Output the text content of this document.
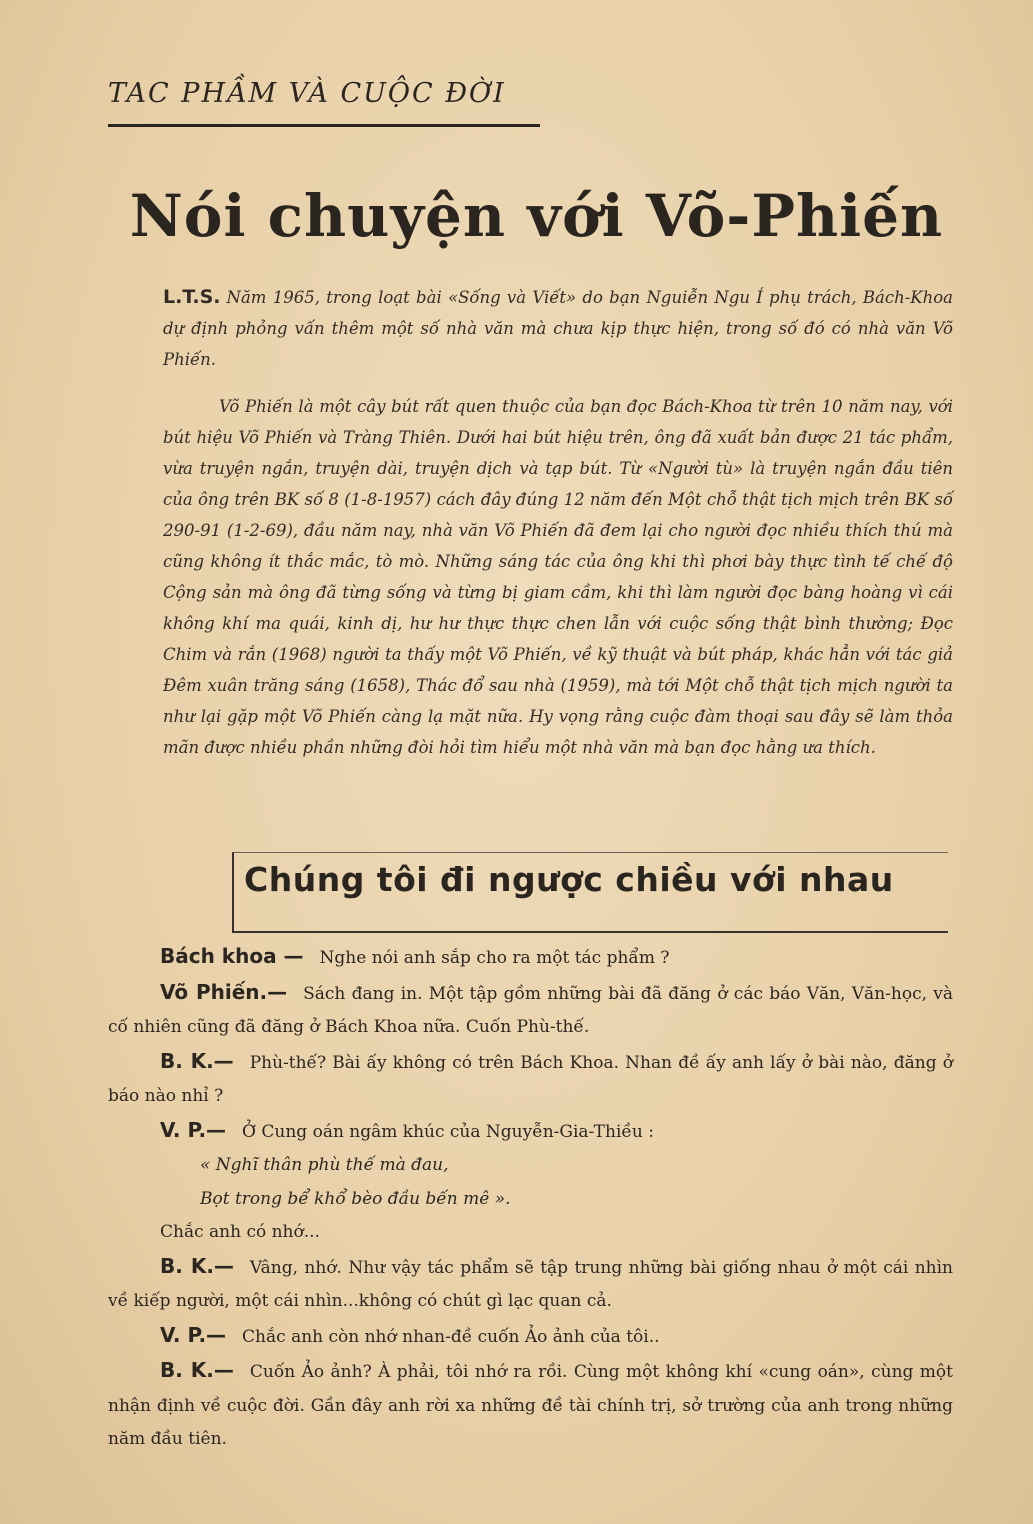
TAC PHẦM VÀ CUỘC ĐỜI
Nói chuyện với Võ-Phiến

L.T.S. Năm 1965, trong loạt bài «Sống và Viết» do bạn Nguiễn Ngu Í phụ trách, Bách-Khoa dự định phỏng vấn thêm một số nhà văn mà chưa kịp thực hiện, trong số đó có nhà văn Võ Phiến.

Võ Phiến là một cây bút rất quen thuộc của bạn đọc Bách-Khoa từ trên 10 năm nay, với bút hiệu Võ Phiến và Tràng Thiên. Dưới hai bút hiệu trên, ông đã xuất bản được 21 tác phẩm, vừa truyện ngắn, truyện dài, truyện dịch và tạp bút. Từ «Người tù» là truyện ngắn đầu tiên của ông trên BK số 8 (1-8-1957) cách đây đúng 12 năm đến Một chỗ thật tịch mịch trên BK số 290-91 (1-2-69), đầu năm nay, nhà văn Võ Phiến đã đem lại cho người đọc nhiều thích thú mà cũng không ít thắc mắc, tò mò. Những sáng tác của ông khi thì phơi bày thực tình tế chế độ Cộng sản mà ông đã từng sống và từng bị giam cầm, khi thì làm người đọc bàng hoàng vì cái không khí ma quái, kinh dị, hư hư thực thực chen lẫn với cuộc sống thật bình thường; Đọc Chim và rắn (1968) người ta thấy một Võ Phiến, về kỹ thuật và bút pháp, khác hẳn với tác giả Đêm xuân trăng sáng (1658), Thác đổ sau nhà (1959), mà tới Một chỗ thật tịch mịch người ta như lại gặp một Võ Phiến càng lạ mặt nữa. Hy vọng rằng cuộc đàm thoại sau đây sẽ làm thỏa mãn được nhiều phần những đòi hỏi tìm hiểu một nhà văn mà bạn đọc hằng ưa thích.

Chúng tôi đi ngược chiều với nhau

Bách khoa — Nghe nói anh sắp cho ra một tác phẩm ?

Võ Phiến.— Sách đang in. Một tập gồm những bài đã đăng ở các báo Văn, Văn-học, và cố nhiên cũng đã đăng ở Bách Khoa nữa. Cuốn Phù-thế.

B. K.— Phù-thế? Bài ấy không có trên Bách Khoa. Nhan đề ấy anh lấy ở bài nào, đăng ở báo nào nhỉ ?

V. P.— Ở Cung oán ngâm khúc của Nguyễn-Gia-Thiều :

« Nghĩ thân phù thế mà đau,

Bọt trong bể khổ bèo đầu bến mê ».

Chắc anh có nhớ...

B. K.— Vâng, nhớ. Như vậy tác phẩm sẽ tập trung những bài giống nhau ở một cái nhìn về kiếp người, một cái nhìn...không có chút gì lạc quan cả.

V. P.— Chắc anh còn nhớ nhan-đề cuốn Ảo ảnh của tôi..

B. K.— Cuốn Ảo ảnh? À phải, tôi nhớ ra rồi. Cùng một không khí «cung oán», cùng một nhận định về cuộc đời. Gần đây anh rời xa những đề tài chính trị, sở trường của anh trong những năm đầu tiên.
